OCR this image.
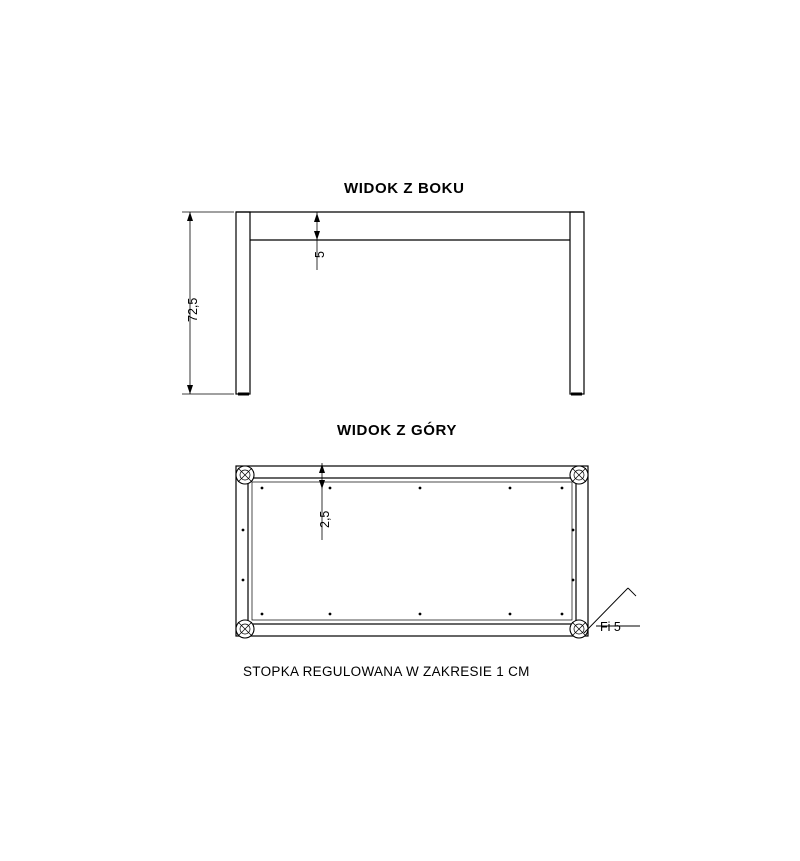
WIDOK Z BOKU
72,5
5
WIDOK Z GÓRY
2,5
Fi 5
STOPKA REGULOWANA W ZAKRESIE 1 CM
